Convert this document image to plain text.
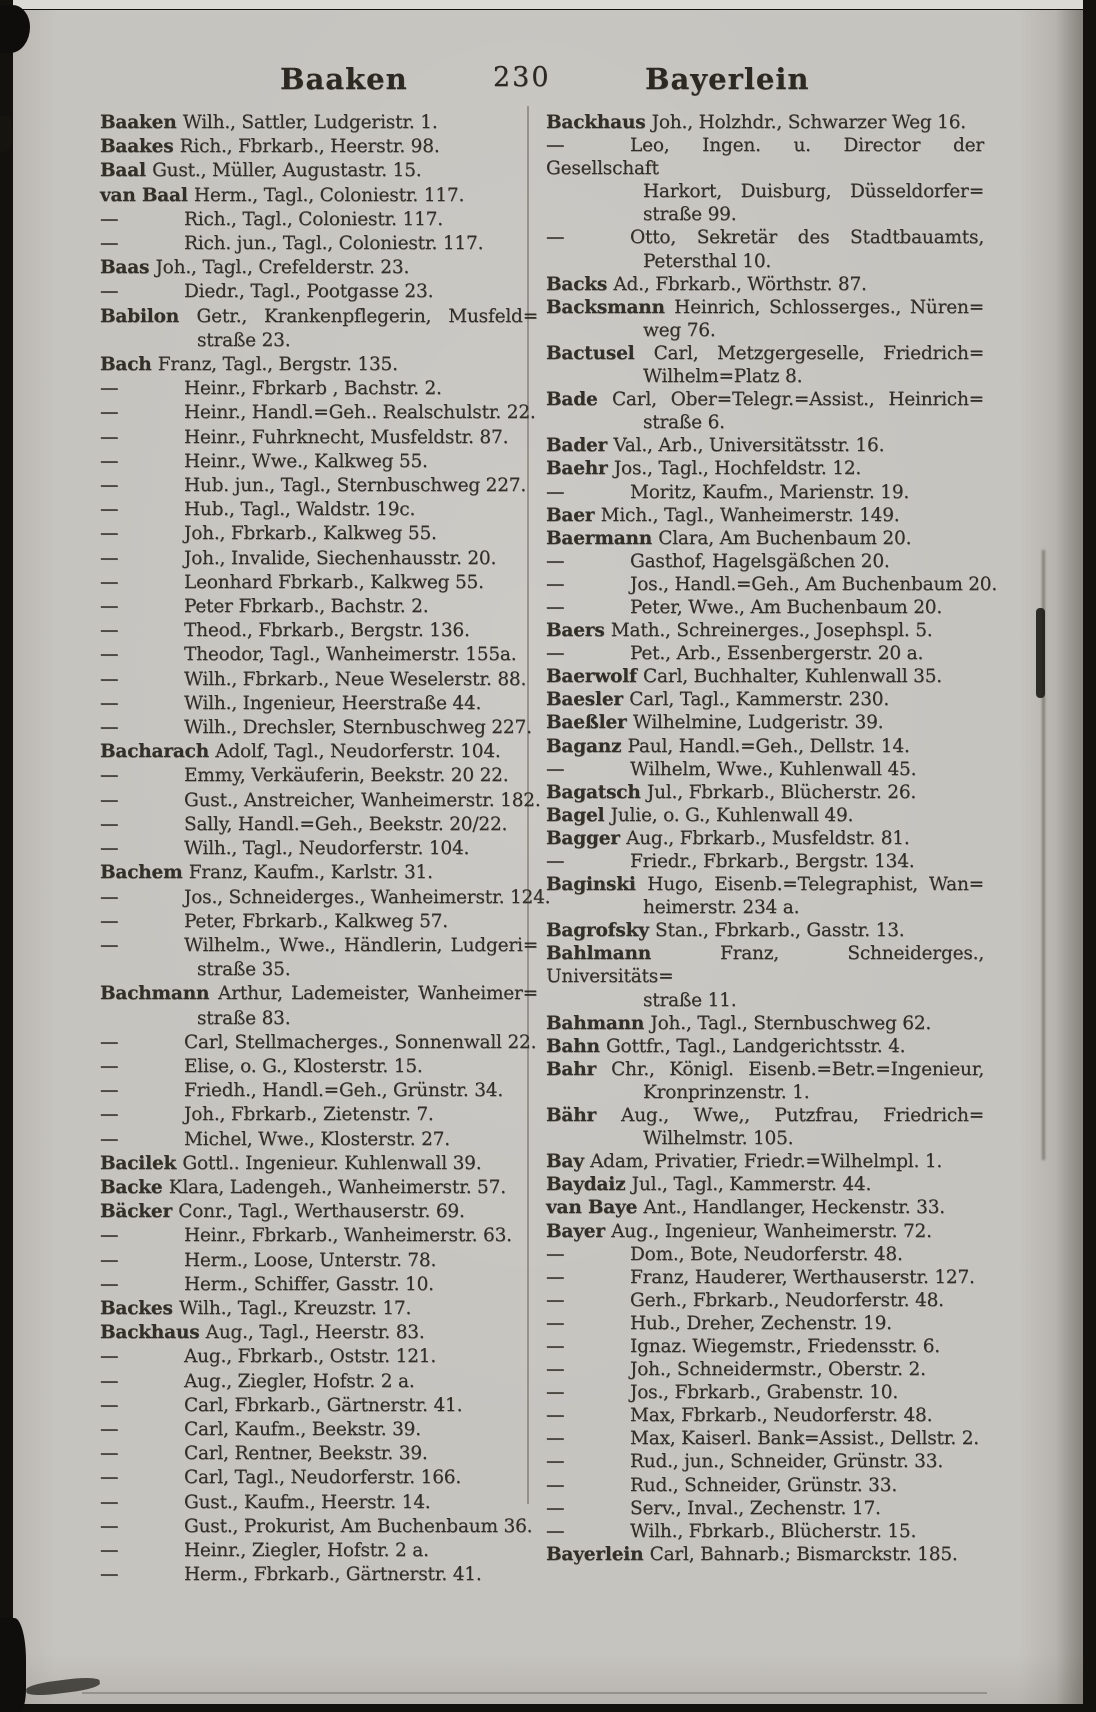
Baaken	230	Bayerlein
Baaken Wilh., Sattler, Ludgeristr. 1.
Baakes Rich., Fbrkarb., Heerstr. 98.
Baal Gust., Müller, Augustastr. 15.
van Baal Herm., Tagl., Coloniestr. 117.
—	Rich., Tagl., Coloniestr. 117.
—	Rich. jun., Tagl., Coloniestr. 117.
Baas Joh., Tagl., Crefelderstr. 23.
—	Diedr., Tagl., Pootgasse 23.
Babilon Getr., Krankenpflegerin, Musfeld=
straße 23.
Bach Franz, Tagl., Bergstr. 135.
—	Heinr., Fbrkarb , Bachstr. 2.
—	Heinr., Handl.=Geh.. Realschulstr. 22.
—	Heinr., Fuhrknecht, Musfeldstr. 87.
—	Heinr., Wwe., Kalkweg 55.
—	Hub. jun., Tagl., Sternbuschweg 227.
—	Hub., Tagl., Waldstr. 19c.
—	Joh., Fbrkarb., Kalkweg 55.
—	Joh., Invalide, Siechenhausstr. 20.
—	Leonhard Fbrkarb., Kalkweg 55.
—	Peter Fbrkarb., Bachstr. 2.
—	Theod., Fbrkarb., Bergstr. 136.
—	Theodor, Tagl., Wanheimerstr. 155a.
—	Wilh., Fbrkarb., Neue Weselerstr. 88.
—	Wilh., Ingenieur, Heerstraße 44.
—	Wilh., Drechsler, Sternbuschweg 227.
Bacharach Adolf, Tagl., Neudorferstr. 104.
—	Emmy, Verkäuferin, Beekstr. 20 22.
—	Gust., Anstreicher, Wanheimerstr. 182.
—	Sally, Handl.=Geh., Beekstr. 20/22.
—	Wilh., Tagl., Neudorferstr. 104.
Bachem Franz, Kaufm., Karlstr. 31.
—	Jos., Schneiderges., Wanheimerstr. 124.
—	Peter, Fbrkarb., Kalkweg 57.
—	Wilhelm., Wwe., Händlerin, Ludgeri=
straße 35.
Bachmann Arthur, Lademeister, Wanheimer=
straße 83.
—	Carl, Stellmacherges., Sonnenwall 22.
—	Elise, o. G., Klosterstr. 15.
—	Friedh., Handl.=Geh., Grünstr. 34.
—	Joh., Fbrkarb., Zietenstr. 7.
—	Michel, Wwe., Klosterstr. 27.
Bacilek Gottl.. Ingenieur. Kuhlenwall 39.
Backe Klara, Ladengeh., Wanheimerstr. 57.
Bäcker Conr., Tagl., Werthauserstr. 69.
—	Heinr., Fbrkarb., Wanheimerstr. 63.
—	Herm., Loose, Unterstr. 78.
—	Herm., Schiffer, Gasstr. 10.
Backes Wilh., Tagl., Kreuzstr. 17.
Backhaus Aug., Tagl., Heerstr. 83.
—	Aug., Fbrkarb., Oststr. 121.
—	Aug., Ziegler, Hofstr. 2 a.
—	Carl, Fbrkarb., Gärtnerstr. 41.
—	Carl, Kaufm., Beekstr. 39.
—	Carl, Rentner, Beekstr. 39.
—	Carl, Tagl., Neudorferstr. 166.
—	Gust., Kaufm., Heerstr. 14.
—	Gust., Prokurist, Am Buchenbaum 36.
—	Heinr., Ziegler, Hofstr. 2 a.
—	Herm., Fbrkarb., Gärtnerstr. 41.
Backhaus Joh., Holzhdr., Schwarzer Weg 16.
—	Leo, Ingen. u. Director der Gesellschaft
Harkort, Duisburg, Düsseldorfer=
straße 99.
—	Otto, Sekretär des Stadtbauamts,
Petersthal 10.
Backs Ad., Fbrkarb., Wörthstr. 87.
Backsmann Heinrich, Schlosserges., Nüren=
weg 76.
Bactusel Carl, Metzgergeselle, Friedrich=
Wilhelm=Platz 8.
Bade Carl, Ober=Telegr.=Assist., Heinrich=
straße 6.
Bader Val., Arb., Universitätsstr. 16.
Baehr Jos., Tagl., Hochfeldstr. 12.
—	Moritz, Kaufm., Marienstr. 19.
Baer Mich., Tagl., Wanheimerstr. 149.
Baermann Clara, Am Buchenbaum 20.
—	Gasthof, Hagelsgäßchen 20.
—	Jos., Handl.=Geh., Am Buchenbaum 20.
—	Peter, Wwe., Am Buchenbaum 20.
Baers Math., Schreinerges., Josephspl. 5.
—	Pet., Arb., Essenbergerstr. 20 a.
Baerwolf Carl, Buchhalter, Kuhlenwall 35.
Baesler Carl, Tagl., Kammerstr. 230.
Baeßler Wilhelmine, Ludgeristr. 39.
Baganz Paul, Handl.=Geh., Dellstr. 14.
—	Wilhelm, Wwe., Kuhlenwall 45.
Bagatsch Jul., Fbrkarb., Blücherstr. 26.
Bagel Julie, o. G., Kuhlenwall 49.
Bagger Aug., Fbrkarb., Musfeldstr. 81.
—	Friedr., Fbrkarb., Bergstr. 134.
Baginski Hugo, Eisenb.=Telegraphist, Wan=
heimerstr. 234 a.
Bagrofsky Stan., Fbrkarb., Gasstr. 13.
Bahlmann Franz, Schneiderges., Universitäts=
straße 11.
Bahmann Joh., Tagl., Sternbuschweg 62.
Bahn Gottfr., Tagl., Landgerichtsstr. 4.
Bahr Chr., Königl. Eisenb.=Betr.=Ingenieur,
Kronprinzenstr. 1.
Bähr Aug., Wwe,, Putzfrau, Friedrich=
Wilhelmstr. 105.
Bay Adam, Privatier, Friedr.=Wilhelmpl. 1.
Baydaiz Jul., Tagl., Kammerstr. 44.
van Baye Ant., Handlanger, Heckenstr. 33.
Bayer Aug., Ingenieur, Wanheimerstr. 72.
—	Dom., Bote, Neudorferstr. 48.
—	Franz, Hauderer, Werthauserstr. 127.
—	Gerh., Fbrkarb., Neudorferstr. 48.
—	Hub., Dreher, Zechenstr. 19.
—	Ignaz. Wiegemstr., Friedensstr. 6.
—	Joh., Schneidermstr., Oberstr. 2.
—	Jos., Fbrkarb., Grabenstr. 10.
—	Max, Fbrkarb., Neudorferstr. 48.
—	Max, Kaiserl. Bank=Assist., Dellstr. 2.
—	Rud., jun., Schneider, Grünstr. 33.
—	Rud., Schneider, Grünstr. 33.
—	Serv., Inval., Zechenstr. 17.
—	Wilh., Fbrkarb., Blücherstr. 15.
Bayerlein Carl, Bahnarb.; Bismarckstr. 185.
